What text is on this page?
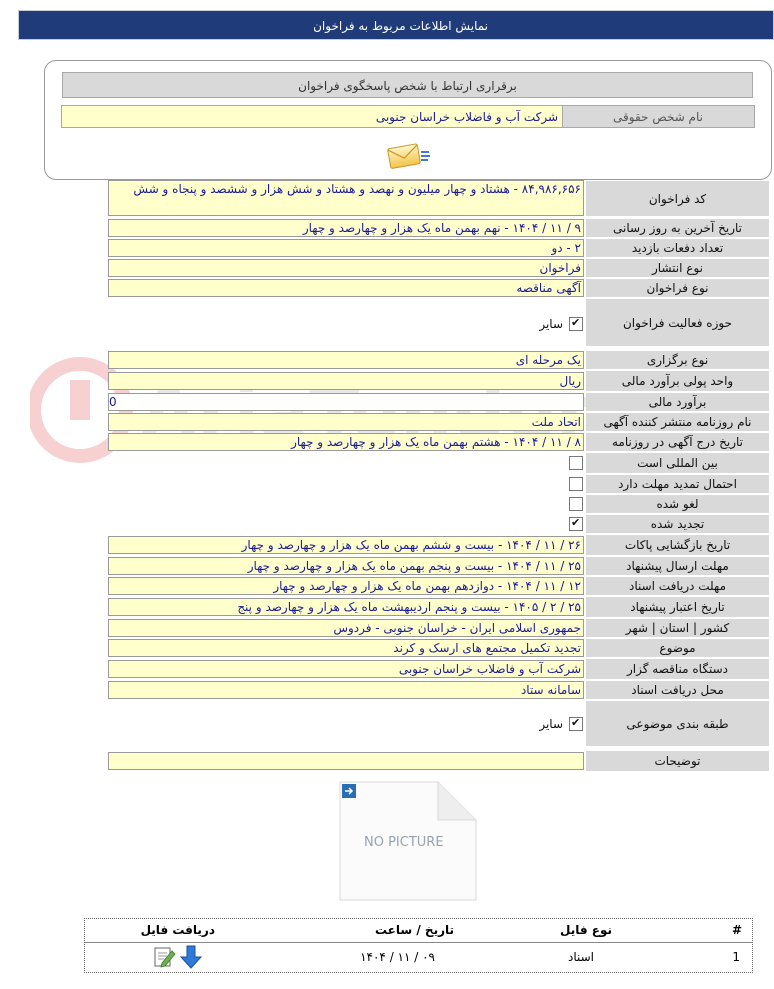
نمایش اطلاعات مربوط به فراخوان
برقراری ارتباط با شخص پاسخگوی فراخوان
نام شخص حقوقی
شرکت آب و فاضلاب خراسان جنوبی
کد فراخوان
۸۴,۹۸۶,۶۵۶ - هشتاد و چهار میلیون و نهصد و هشتاد و شش هزار و ششصد و پنجاه و شش
تاریخ آخرین به روز رسانی
۹ / ۱۱ / ۱۴۰۴ - نهم بهمن ماه یک هزار و چهارصد و چهار
تعداد دفعات بازدید
۲ - دو
نوع انتشار
فراخوان
نوع فراخوان
آگهی مناقصه
حوزه فعالیت فراخوان
✔
سایر
نوع برگزاری
یک مرحله ای
واحد پولی برآورد مالی
ریال
برآورد مالی
0
نام روزنامه منتشر کننده آگهی
اتحاد ملت
تاریخ درج آگهی در روزنامه
۸ / ۱۱ / ۱۴۰۴ - هشتم بهمن ماه یک هزار و چهارصد و چهار
بین المللی است
احتمال تمدید مهلت دارد
لغو شده
تجدید شده
✔
تاریخ بازگشایی پاکات
۲۶ / ۱۱ / ۱۴۰۴ - بیست و ششم بهمن ماه یک هزار و چهارصد و چهار
مهلت ارسال پیشنهاد
۲۵ / ۱۱ / ۱۴۰۴ - بیست و پنجم بهمن ماه یک هزار و چهارصد و چهار
مهلت دریافت اسناد
۱۲ / ۱۱ / ۱۴۰۴ - دوازدهم بهمن ماه یک هزار و چهارصد و چهار
تاریخ اعتبار پیشنهاد
۲۵ / ۲ / ۱۴۰۵ - بیست و پنجم اردیبهشت ماه یک هزار و چهارصد و پنج
کشور | استان | شهر
جمهوری اسلامی ایران - خراسان جنوبی - فردوس
موضوع
تجدید تکمیل مجتمع های ارسک و کرند
دستگاه مناقصه گزار
شرکت آب و فاضلاب خراسان جنوبی
محل دریافت اسناد
سامانه ستاد
طبقه بندی موضوعی
✔
سایر
توضیحات
NO PICTURE
#
نوع فایل
تاریخ / ساعت
دریافت فایل
1
اسناد
۰۹ / ۱۱ / ۱۴۰۴
